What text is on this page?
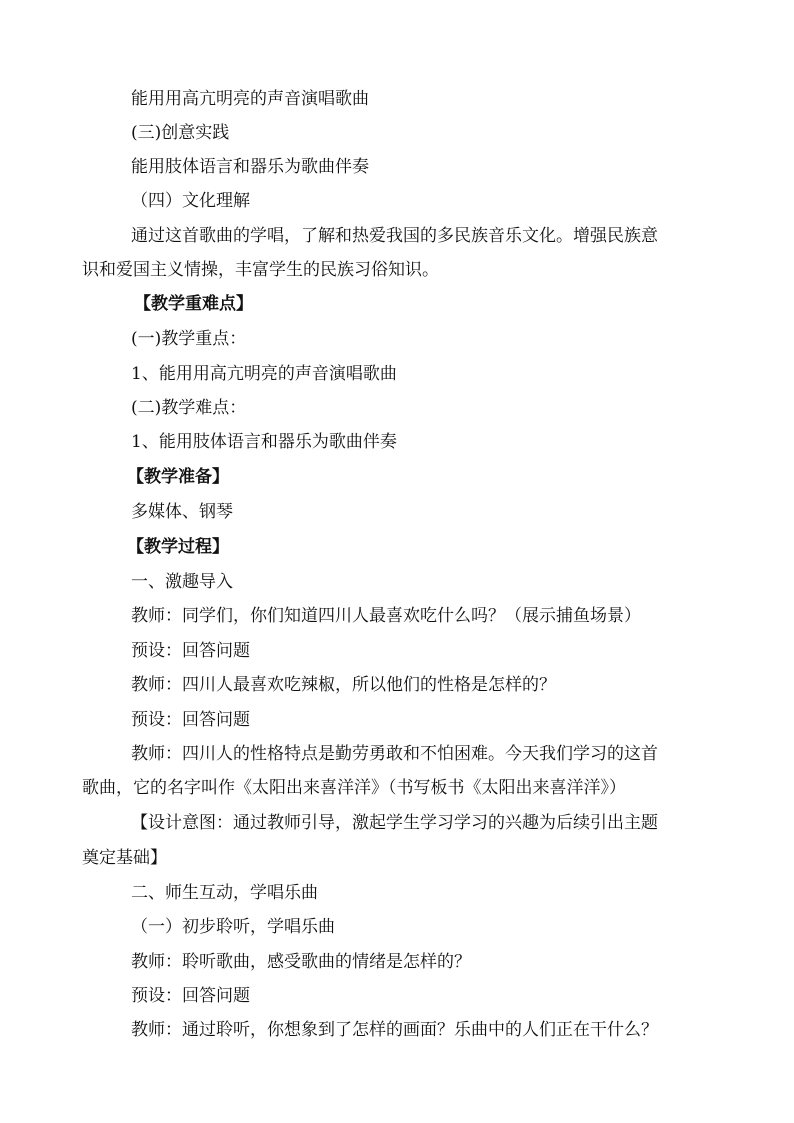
能用用高亢明亮的声音演唱歌曲
(三)创意实践
能用肢体语言和器乐为歌曲伴奏
（四）文化理解
通过这首歌曲的学唱，了解和热爱我国的多民族音乐文化。增强民族意
识和爱国主义情操，丰富学生的民族习俗知识。
【教学重难点】
(一)教学重点：
1、能用用高亢明亮的声音演唱歌曲
(二)教学难点：
1、能用肢体语言和器乐为歌曲伴奏
【教学准备】
多媒体、钢琴
【教学过程】
一、激趣导入
教师：同学们，你们知道四川人最喜欢吃什么吗？（展示捕鱼场景）
预设：回答问题
教师：四川人最喜欢吃辣椒，所以他们的性格是怎样的？
预设：回答问题
教师：四川人的性格特点是勤劳勇敢和不怕困难。今天我们学习的这首
歌曲，它的名字叫作《太阳出来喜洋洋》（书写板书《太阳出来喜洋洋》）
【设计意图：通过教师引导，激起学生学习学习的兴趣为后续引出主题
奠定基础】
二、师生互动，学唱乐曲
（一）初步聆听，学唱乐曲
教师：聆听歌曲，感受歌曲的情绪是怎样的？
预设：回答问题
教师：通过聆听，你想象到了怎样的画面？乐曲中的人们正在干什么？
